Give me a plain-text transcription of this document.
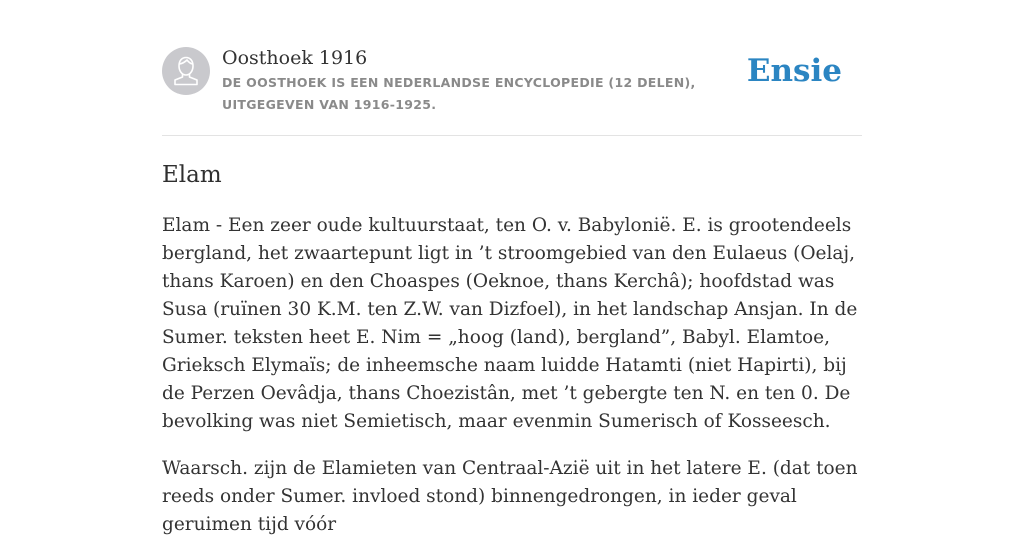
Oosthoek 1916
DE OOSTHOEK IS EEN NEDERLANDSE ENCYCLOPEDIE (12 DELEN), UITGEGEVEN VAN 1916-1925.
Ensie
Elam

Elam - Een zeer oude kultuurstaat, ten O. v. Babylonië. E. is grootendeels bergland, het zwaartepunt ligt in ’t stroomgebied van den Eulaeus (Oelaj, thans Karoen) en den Choaspes (Oeknoe, thans Kerchâ); hoofdstad was Susa (ruïnen 30 K.M. ten Z.W. van Dizfoel), in het landschap Ansjan. In de Sumer. teksten heet E. Nim = „hoog (land), bergland”, Babyl. Elamtoe, Grieksch Elymaïs; de inheemsche naam luidde Hatamti (niet Hapirti), bij de Perzen Oevâdja, thans Choezistân, met ’t gebergte ten N. en ten 0. De bevolking was niet Semietisch, maar evenmin Sumerisch of Kosseesch.

Waarsch. zijn de Elamieten van Centraal-Azië uit in het latere E. (dat toen reeds onder Sumer. invloed stond) binnengedrongen, in ieder geval geruimen tijd vóór
